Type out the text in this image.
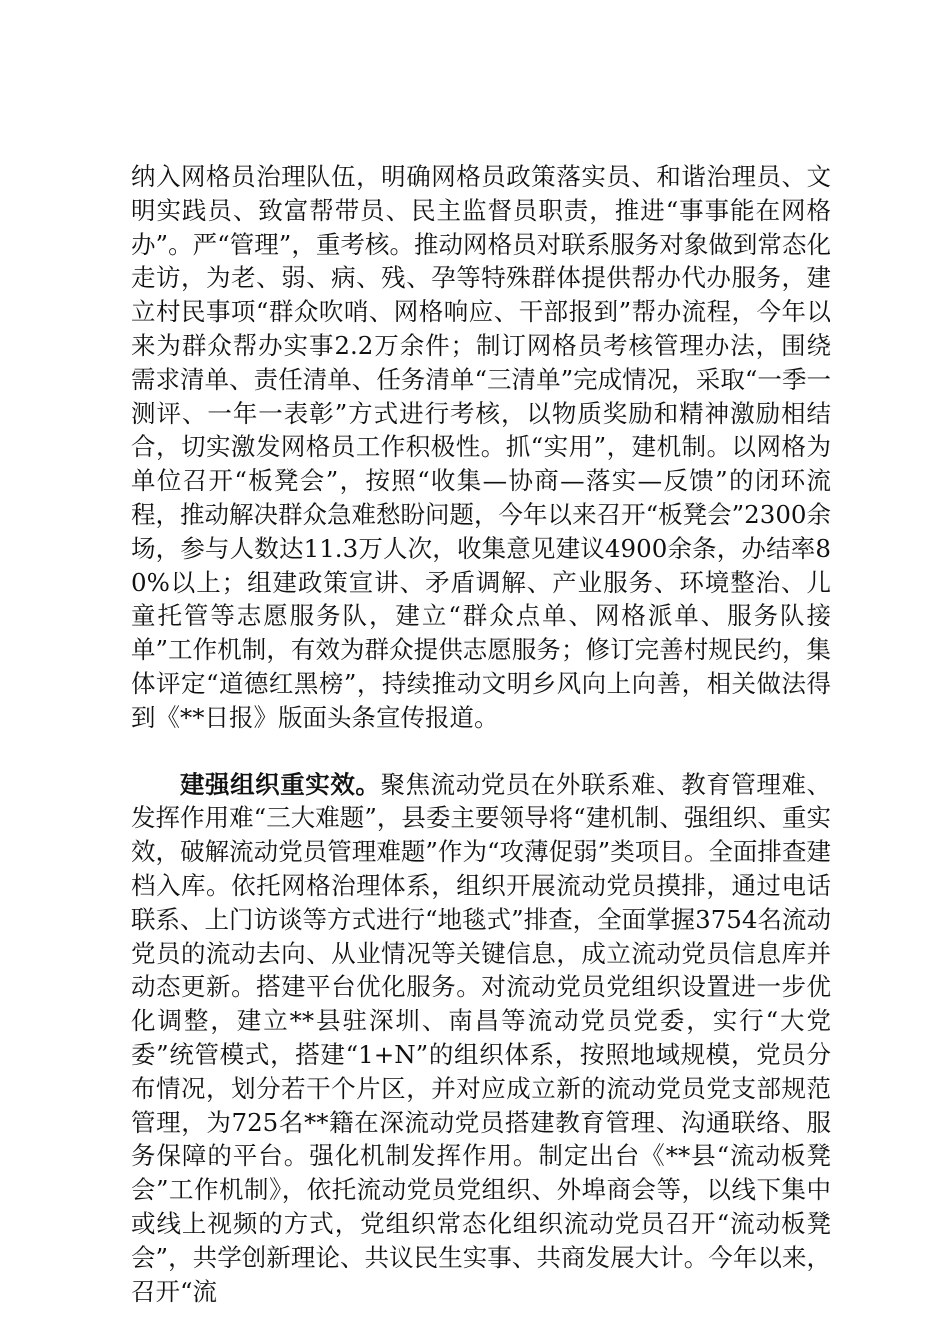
纳入网格员治理队伍，明确网格员政策落实员、和谐治理员、文明实践员、致富帮带员、民主监督员职责，推进“事事能在网格办”。严“管理”，重考核。推动网格员对联系服务对象做到常态化走访，为老、弱、病、残、孕等特殊群体提供帮办代办服务，建立村民事项“群众吹哨、网格响应、干部报到”帮办流程，今年以来为群众帮办实事2.2万余件；制订网格员考核管理办法，围绕需求清单、责任清单、任务清单“三清单”完成情况，采取“一季一测评、一年一表彰”方式进行考核，以物质奖励和精神激励相结合，切实激发网格员工作积极性。抓“实用”，建机制。以网格为单位召开“板凳会”，按照“收集—协商—落实—反馈”的闭环流程，推动解决群众急难愁盼问题，今年以来召开“板凳会”2300余场，参与人数达11.3万人次，收集意见建议4900余条，办结率80%以上；组建政策宣讲、矛盾调解、产业服务、环境整治、儿童托管等志愿服务队，建立“群众点单、网格派单、服务队接单”工作机制，有效为群众提供志愿服务；修订完善村规民约，集体评定“道德红黑榜”，持续推动文明乡风向上向善，相关做法得到《**日报》版面头条宣传报道。

建强组织重实效。聚焦流动党员在外联系难、教育管理难、发挥作用难“三大难题”，县委主要领导将“建机制、强组织、重实效，破解流动党员管理难题”作为“攻薄促弱”类项目。全面排查建档入库。依托网格治理体系，组织开展流动党员摸排，通过电话联系、上门访谈等方式进行“地毯式”排查，全面掌握3754名流动党员的流动去向、从业情况等关键信息，成立流动党员信息库并动态更新。搭建平台优化服务。对流动党员党组织设置进一步优化调整，建立**县驻深圳、南昌等流动党员党委，实行“大党委”统管模式，搭建“1+N”的组织体系，按照地域规模，党员分布情况，划分若干个片区，并对应成立新的流动党员党支部规范管理，为725名**籍在深流动党员搭建教育管理、沟通联络、服务保障的平台。强化机制发挥作用。制定出台《**县“流动板凳会”工作机制》，依托流动党员党组织、外埠商会等，以线下集中或线上视频的方式，党组织常态化组织流动党员召开“流动板凳会”，共学创新理论、共议民生实事、共商发展大计。今年以来，召开“流
